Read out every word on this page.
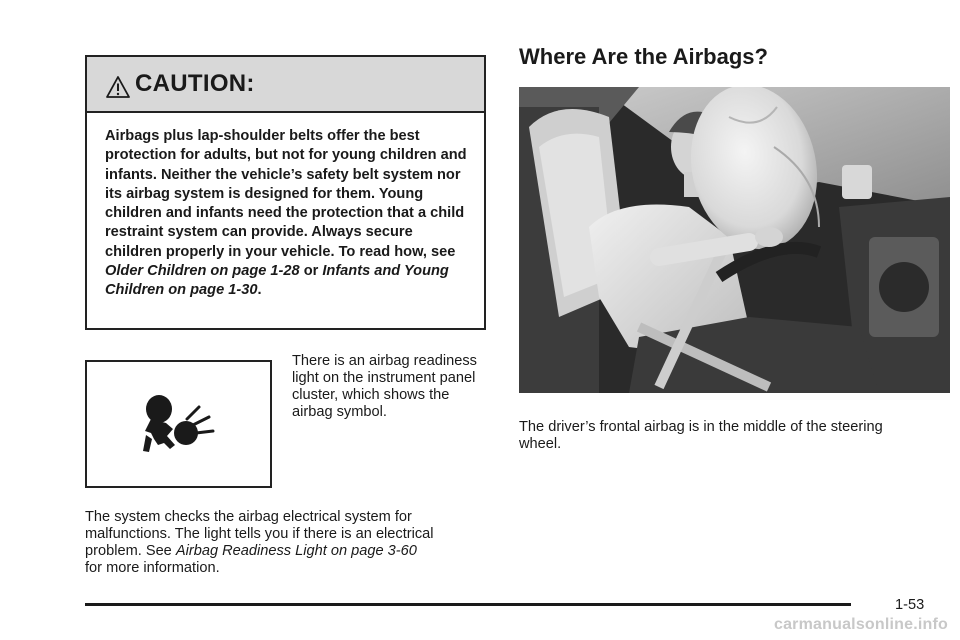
CAUTION:
Airbags plus lap-shoulder belts offer the best protection for adults, but not for young children and infants. Neither the vehicle’s safety belt system nor its airbag system is designed for them. Young children and infants need the protection that a child restraint system can provide. Always secure children properly in your vehicle. To read how, see Older Children on page 1-28 or Infants and Young Children on page 1-30.
There is an airbag readiness light on the instrument panel cluster, which shows the airbag symbol.
The system checks the airbag electrical system for malfunctions. The light tells you if there is an electrical problem. See Airbag Readiness Light on page 3-60
for more information.
Where Are the Airbags?
The driver’s frontal airbag is in the middle of the steering wheel.
1-53
carmanualsonline.info
